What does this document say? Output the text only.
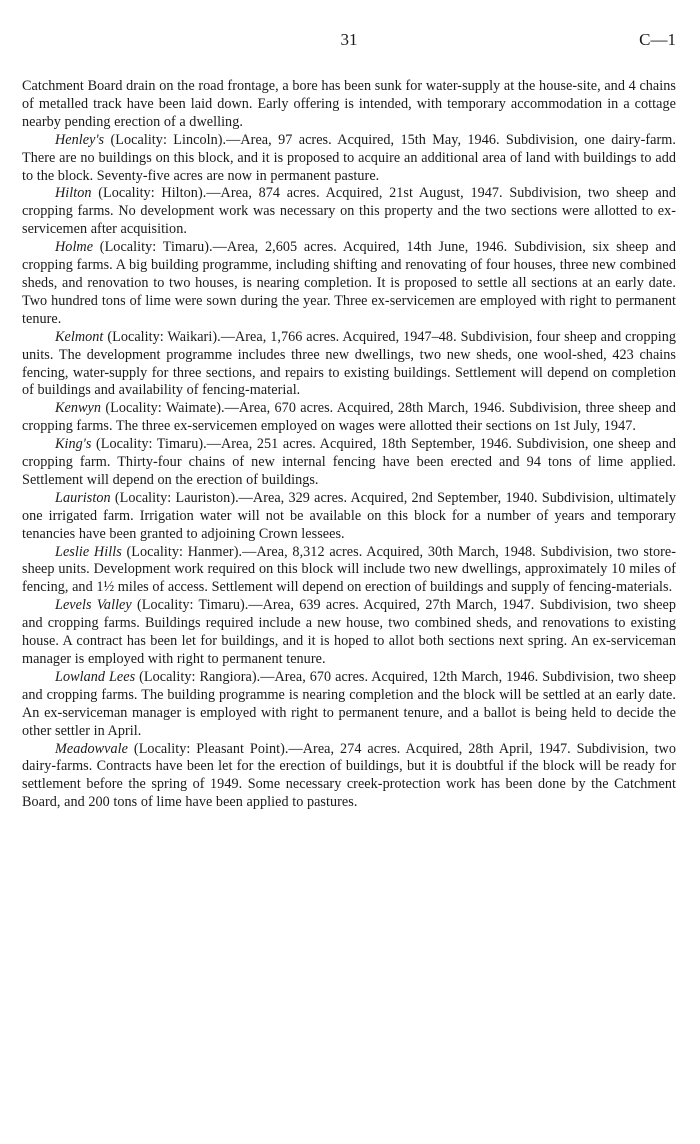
31	C—1

Catchment Board drain on the road frontage, a bore has been sunk for water-supply at the house-site, and 4 chains of metalled track have been laid down. Early offering is intended, with temporary accommodation in a cottage nearby pending erection of a dwelling.

Henley's (Locality: Lincoln).—Area, 97 acres. Acquired, 15th May, 1946. Subdivision, one dairy-farm. There are no buildings on this block, and it is proposed to acquire an additional area of land with buildings to add to the block. Seventy-five acres are now in permanent pasture.

Hilton (Locality: Hilton).—Area, 874 acres. Acquired, 21st August, 1947. Subdivision, two sheep and cropping farms. No development work was necessary on this property and the two sections were allotted to ex-servicemen after acquisition.

Holme (Locality: Timaru).—Area, 2,605 acres. Acquired, 14th June, 1946. Subdivision, six sheep and cropping farms. A big building programme, including shifting and renovating of four houses, three new combined sheds, and renovation to two houses, is nearing completion. It is proposed to settle all sections at an early date. Two hundred tons of lime were sown during the year. Three ex-servicemen are employed with right to permanent tenure.

Kelmont (Locality: Waikari).—Area, 1,766 acres. Acquired, 1947–48. Subdivision, four sheep and cropping units. The development programme includes three new dwellings, two new sheds, one wool-shed, 423 chains fencing, water-supply for three sections, and repairs to existing buildings. Settlement will depend on completion of buildings and availability of fencing-material.

Kenwyn (Locality: Waimate).—Area, 670 acres. Acquired, 28th March, 1946. Subdivision, three sheep and cropping farms. The three ex-servicemen employed on wages were allotted their sections on 1st July, 1947.

King's (Locality: Timaru).—Area, 251 acres. Acquired, 18th September, 1946. Subdivision, one sheep and cropping farm. Thirty-four chains of new internal fencing have been erected and 94 tons of lime applied. Settlement will depend on the erection of buildings.

Lauriston (Locality: Lauriston).—Area, 329 acres. Acquired, 2nd September, 1940. Subdivision, ultimately one irrigated farm. Irrigation water will not be available on this block for a number of years and temporary tenancies have been granted to adjoining Crown lessees.

Leslie Hills (Locality: Hanmer).—Area, 8,312 acres. Acquired, 30th March, 1948. Subdivision, two store-sheep units. Development work required on this block will include two new dwellings, approximately 10 miles of fencing, and 1½ miles of access. Settlement will depend on erection of buildings and supply of fencing-materials.

Levels Valley (Locality: Timaru).—Area, 639 acres. Acquired, 27th March, 1947. Subdivision, two sheep and cropping farms. Buildings required include a new house, two combined sheds, and renovations to existing house. A contract has been let for buildings, and it is hoped to allot both sections next spring. An ex-serviceman manager is employed with right to permanent tenure.

Lowland Lees (Locality: Rangiora).—Area, 670 acres. Acquired, 12th March, 1946. Subdivision, two sheep and cropping farms. The building programme is nearing completion and the block will be settled at an early date. An ex-serviceman manager is employed with right to permanent tenure, and a ballot is being held to decide the other settler in April.

Meadowvale (Locality: Pleasant Point).—Area, 274 acres. Acquired, 28th April, 1947. Subdivision, two dairy-farms. Contracts have been let for the erection of buildings, but it is doubtful if the block will be ready for settlement before the spring of 1949. Some necessary creek-protection work has been done by the Catchment Board, and 200 tons of lime have been applied to pastures.
